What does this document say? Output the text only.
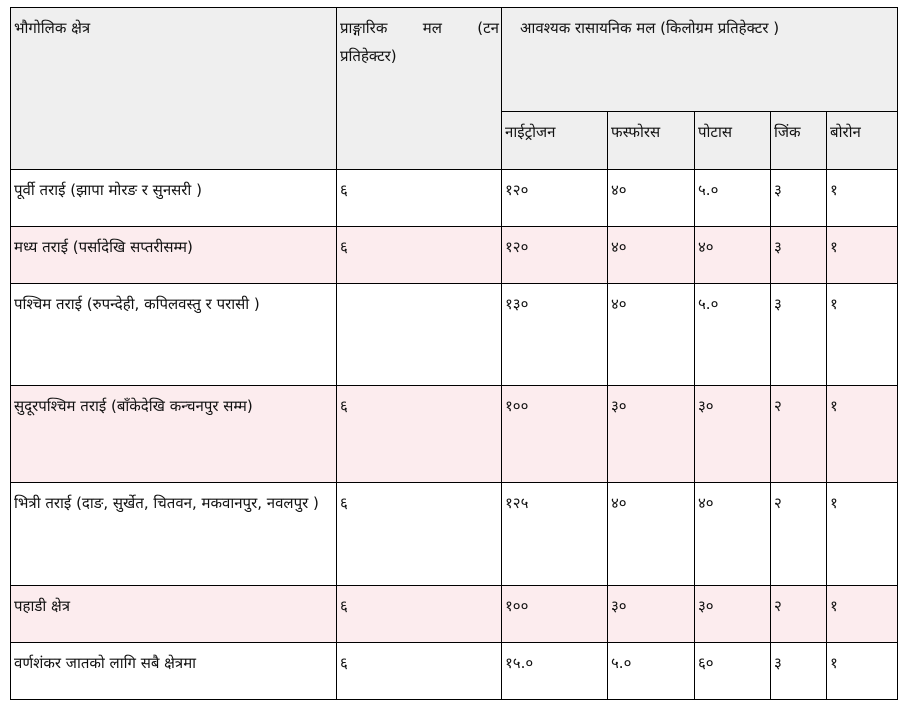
भौगोलिक क्षेत्र	प्राङ्गारिक मल (टन प्रतिहेक्टर)	आवश्यक रासायनिक मल (किलोग्रम प्रतिहेक्टर )				
		नाईट्रोजन	फस्फोरस	पोटास	जिंक	बोरोन
पूर्वी तराई (झापा मोरङ र सुनसरी )	६	१२०	४०	५.०	३	१
मध्य तराई (पर्सादेखि सप्तरीसम्म)	६	१२०	४०	४०	३	१
पश्चिम तराई (रुपन्देही, कपिलवस्तु र परासी )		१३०	४०	५.०	३	१
सुदूरपश्चिम तराई (बाँकेदेखि कन्चनपुर सम्म)	६	१००	३०	३०	२	१
भित्री तराई (दाङ, सुर्खेत, चितवन, मकवानपुर, नवलपुर )	६	१२५	४०	४०	२	१
पहाडी क्षेत्र	६	१००	३०	३०	२	१
वर्णशंकर जातको लागि सबै क्षेत्रमा	६	१५.०	५.०	६०	३	१
